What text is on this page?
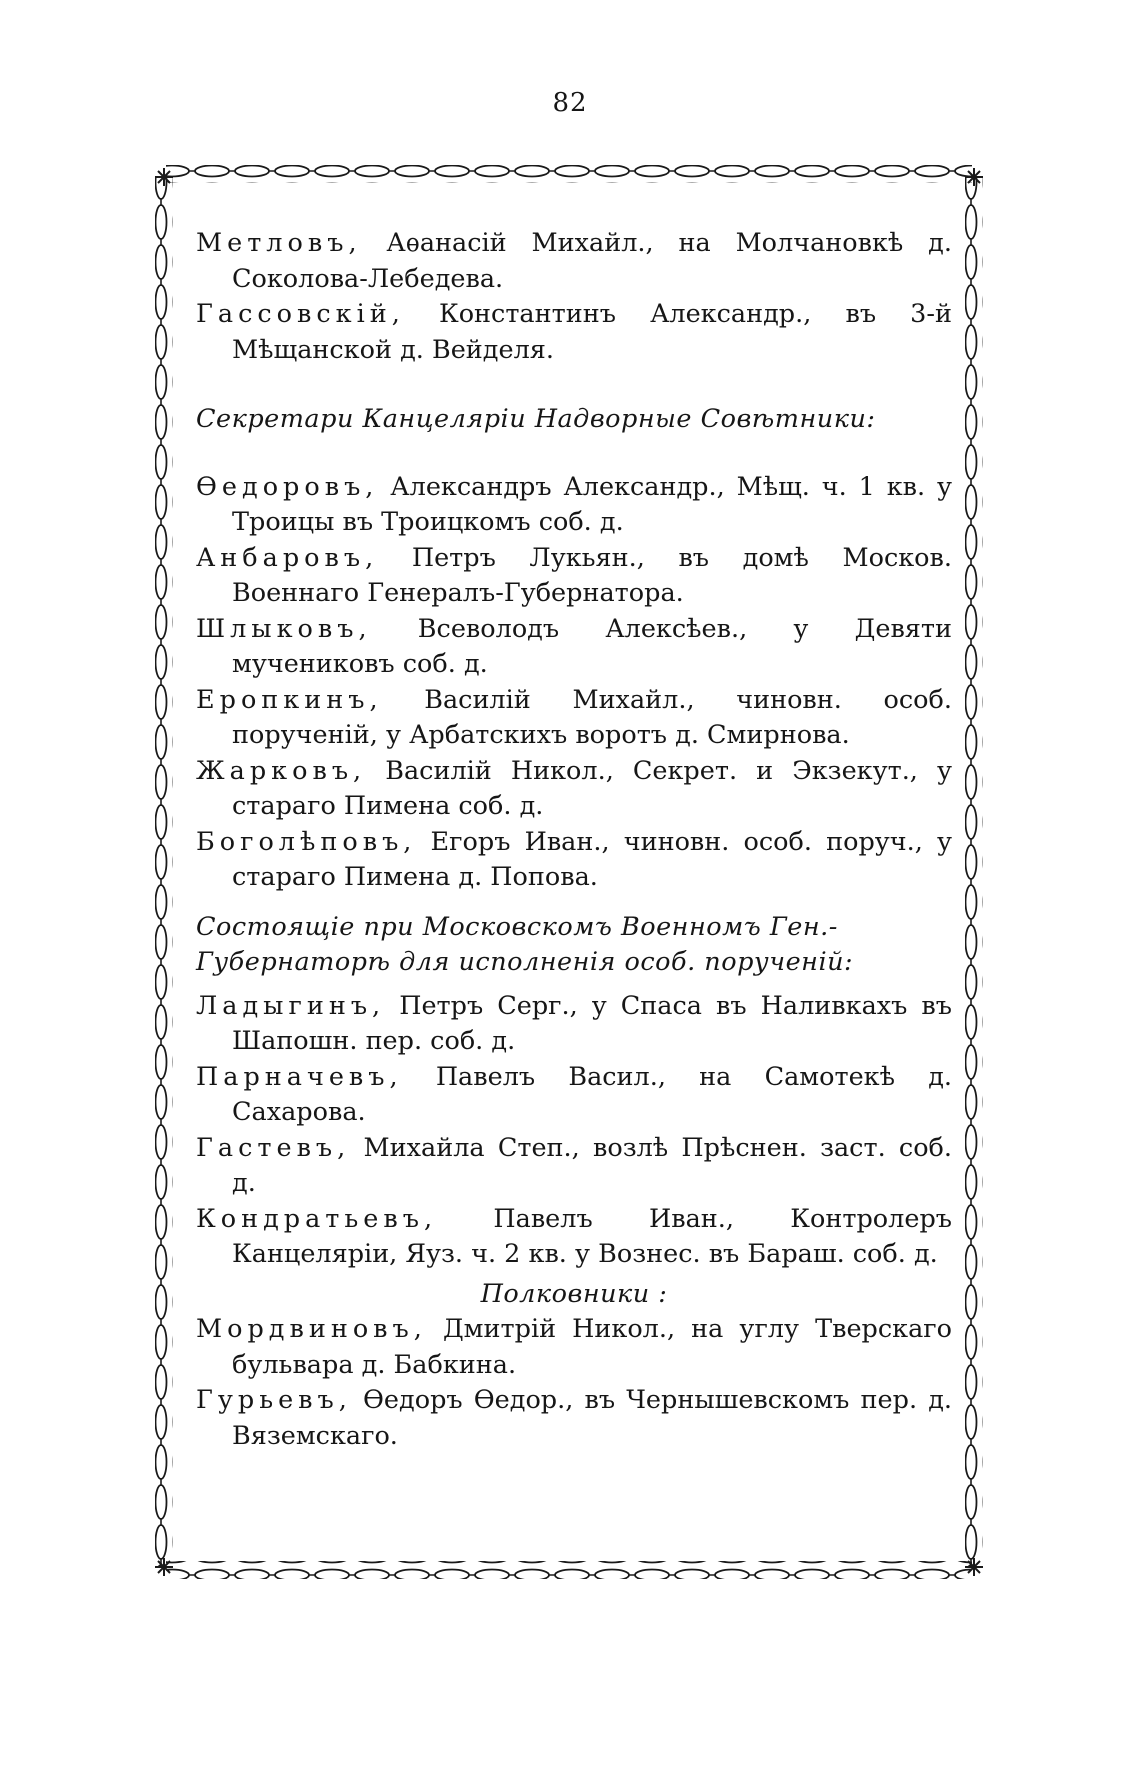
82

Метловъ, Аѳанасій Михайл., на Молчановкѣ д. Соколова-Лебедева.

Гассовскій, Константинъ Александр., въ 3-й Мѣщанской д. Вейделя.

Секретари Канцеляріи Надворные Совѣтники:

Ѳедоровъ, Александръ Александр., Мѣщ. ч. 1 кв. у Троицы въ Троицкомъ соб. д.

Анбаровъ, Петръ Лукьян., въ домѣ Москов. Военнаго Генералъ-Губернатора.

Шлыковъ, Всеволодъ Алексѣев., у Девяти мучениковъ соб. д.

Еропкинъ, Василій Михайл., чиновн. особ. порученій, у Арбатскихъ воротъ д. Смирнова.

Жарковъ, Василій Никол., Секрет. и Экзекут., у стараго Пимена соб. д.

Боголѣповъ, Егоръ Иван., чиновн. особ. поруч., у стараго Пимена д. Попова.

Состоящіе при Московскомъ Военномъ Ген.-Губернаторѣ для исполненія особ. порученій:

Ладыгинъ, Петръ Серг., у Спаса въ Наливкахъ въ Шапошн. пер. соб. д.

Парначевъ, Павелъ Васил., на Самотекѣ д. Сахарова.

Гастевъ, Михайла Степ., возлѣ Прѣснен. заст. соб. д.

Кондратьевъ, Павелъ Иван., Контролеръ Канцеляріи, Яуз. ч. 2 кв. у Вознес. въ Бараш. соб. д.

Полковники :

Мордвиновъ, Дмитрій Никол., на углу Тверскаго бульвара д. Бабкина.

Гурьевъ, Ѳедоръ Ѳедор., въ Чернышевскомъ пер. д. Вяземскаго.
